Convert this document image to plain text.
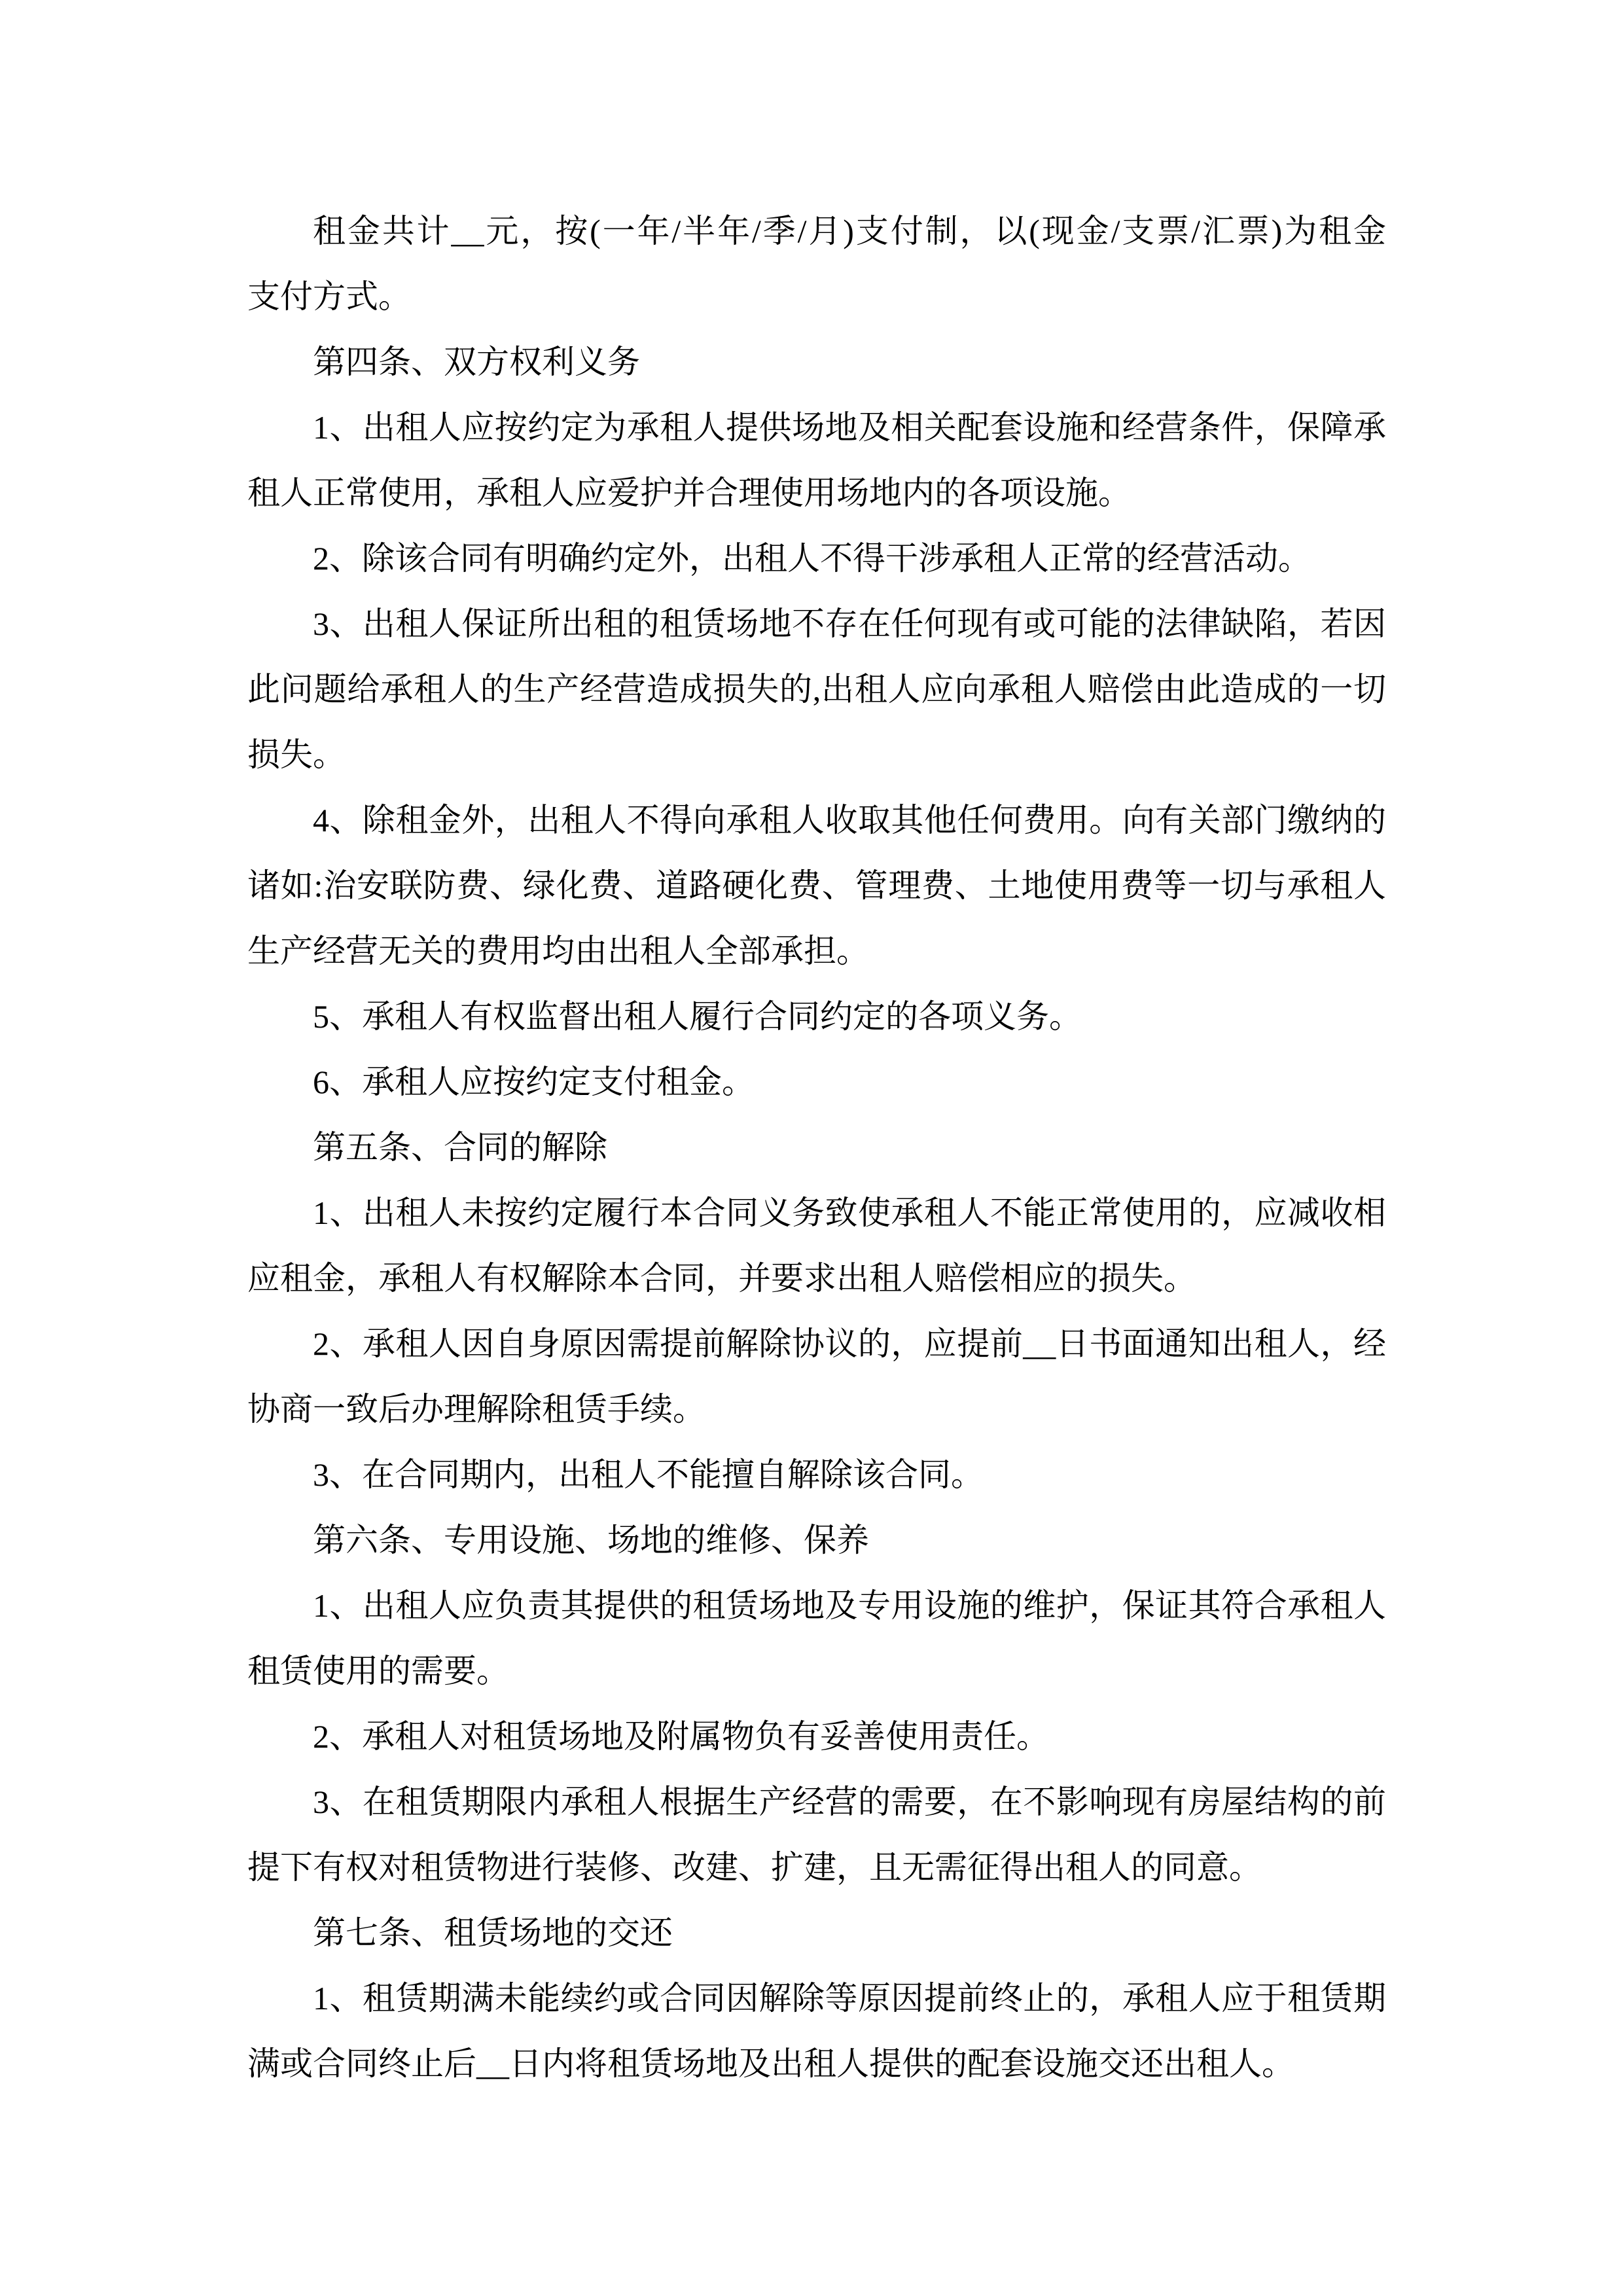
租金共计__元，按(一年/半年/季/月)支付制，以(现金/支票/汇票)为租金

支付方式。

第四条、双方权利义务

1、出租人应按约定为承租人提供场地及相关配套设施和经营条件，保障承

租人正常使用，承租人应爱护并合理使用场地内的各项设施。

2、除该合同有明确约定外，出租人不得干涉承租人正常的经营活动。

3、出租人保证所出租的租赁场地不存在任何现有或可能的法律缺陷，若因

此问题给承租人的生产经营造成损失的,出租人应向承租人赔偿由此造成的一切

损失。

4、除租金外，出租人不得向承租人收取其他任何费用。向有关部门缴纳的

诸如:治安联防费、绿化费、道路硬化费、管理费、土地使用费等一切与承租人

生产经营无关的费用均由出租人全部承担。

5、承租人有权监督出租人履行合同约定的各项义务。

6、承租人应按约定支付租金。

第五条、合同的解除

1、出租人未按约定履行本合同义务致使承租人不能正常使用的，应减收相

应租金，承租人有权解除本合同，并要求出租人赔偿相应的损失。

2、承租人因自身原因需提前解除协议的，应提前__日书面通知出租人，经

协商一致后办理解除租赁手续。

3、在合同期内，出租人不能擅自解除该合同。

第六条、专用设施、场地的维修、保养

1、出租人应负责其提供的租赁场地及专用设施的维护，保证其符合承租人

租赁使用的需要。

2、承租人对租赁场地及附属物负有妥善使用责任。

3、在租赁期限内承租人根据生产经营的需要，在不影响现有房屋结构的前

提下有权对租赁物进行装修、改建、扩建，且无需征得出租人的同意。

第七条、租赁场地的交还

1、租赁期满未能续约或合同因解除等原因提前终止的，承租人应于租赁期

满或合同终止后__日内将租赁场地及出租人提供的配套设施交还出租人。
